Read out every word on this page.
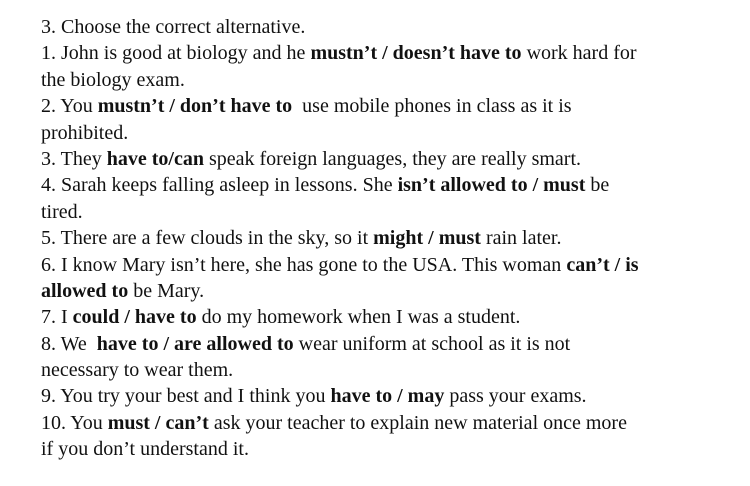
3. Choose the correct alternative.
1. John is good at biology and he mustn’t / doesn’t have to work hard for
the biology exam.
2. You mustn’t / don’t have to  use mobile phones in class as it is
prohibited.
3. They have to/can speak foreign languages, they are really smart.
4. Sarah keeps falling asleep in lessons. She isn’t allowed to / must be
tired.
5. There are a few clouds in the sky, so it might / must rain later.
6. I know Mary isn’t here, she has gone to the USA. This woman can’t / is
allowed to be Mary.
7. I could / have to do my homework when I was a student.
8. We  have to / are allowed to wear uniform at school as it is not
necessary to wear them.
9. You try your best and I think you have to / may pass your exams.
10. You must / can’t ask your teacher to explain new material once more
if you don’t understand it.
